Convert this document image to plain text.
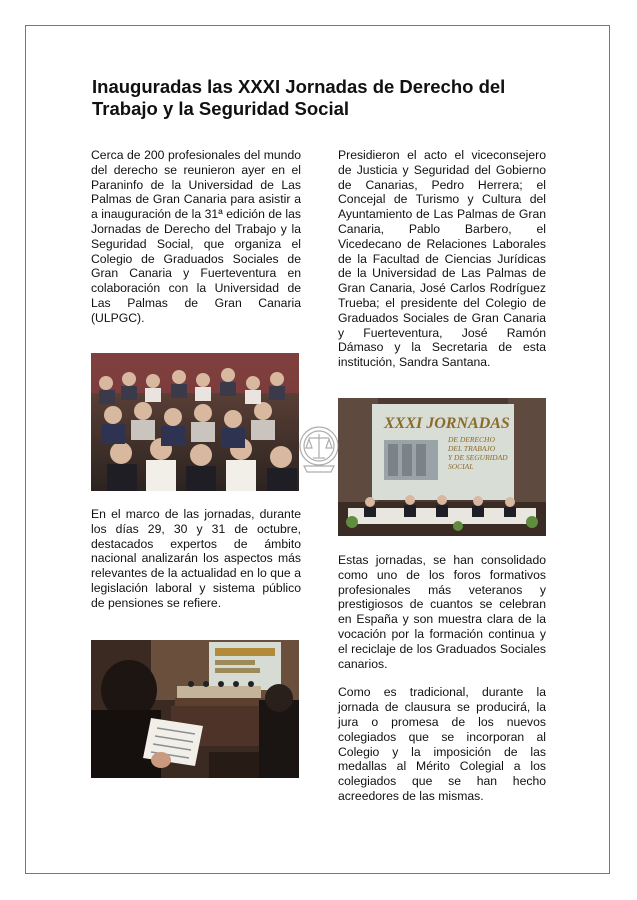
Inauguradas las XXXI Jornadas de Derecho del Trabajo y la Seguridad Social

Cerca de 200 profesionales del mundo del derecho se reunieron ayer en el Paraninfo de la Universidad de Las Palmas de Gran Canaria para asistir a a inauguración de la 31ª edición de las Jornadas de Derecho del Trabajo y la Seguridad Social, que organiza el Colegio de Graduados Sociales de Gran Canaria y Fuerteventura en colaboración con la Universidad de Las Palmas de Gran Canaria (ULPGC).

En el marco de las jornadas, durante los días 29, 30 y 31 de octubre, destacados expertos de ámbito nacional analizarán los aspectos más relevantes de la actualidad en lo que a legislación laboral y sistema público de pensiones se refiere.

Presidieron el acto el viceconsejero de Justicia y Seguridad del Gobierno de Canarias, Pedro Herrera; el Concejal de Turismo y Cultura del Ayuntamiento de Las Palmas de Gran Canaria, Pablo Barbero, el Vicedecano de Relaciones Laborales de la Facultad de Ciencias Jurídicas de la Universidad de Las Palmas de Gran Canaria, José Carlos Rodríguez Trueba; el presidente del Colegio de Graduados Sociales de Gran Canaria y Fuerteventura, José Ramón Dámaso y la Secretaria de esta institución, Sandra Santana.

XXXI JORNADAS
DE DERECHO
DEL TRABAJO
Y DE SEGURIDAD
SOCIAL

Estas jornadas, se han consolidado como uno de los foros formativos profesionales más veteranos y prestigiosos de cuantos se celebran en España y son muestra clara de la vocación por la formación continua y el reciclaje de los Graduados Sociales canarios.

Como es tradicional, durante la jornada de clausura se producirá, la jura o promesa de los nuevos colegiados que se incorporan al Colegio y la imposición de las medallas al Mérito Colegial a los colegiados que se han hecho acreedores de las mismas.
